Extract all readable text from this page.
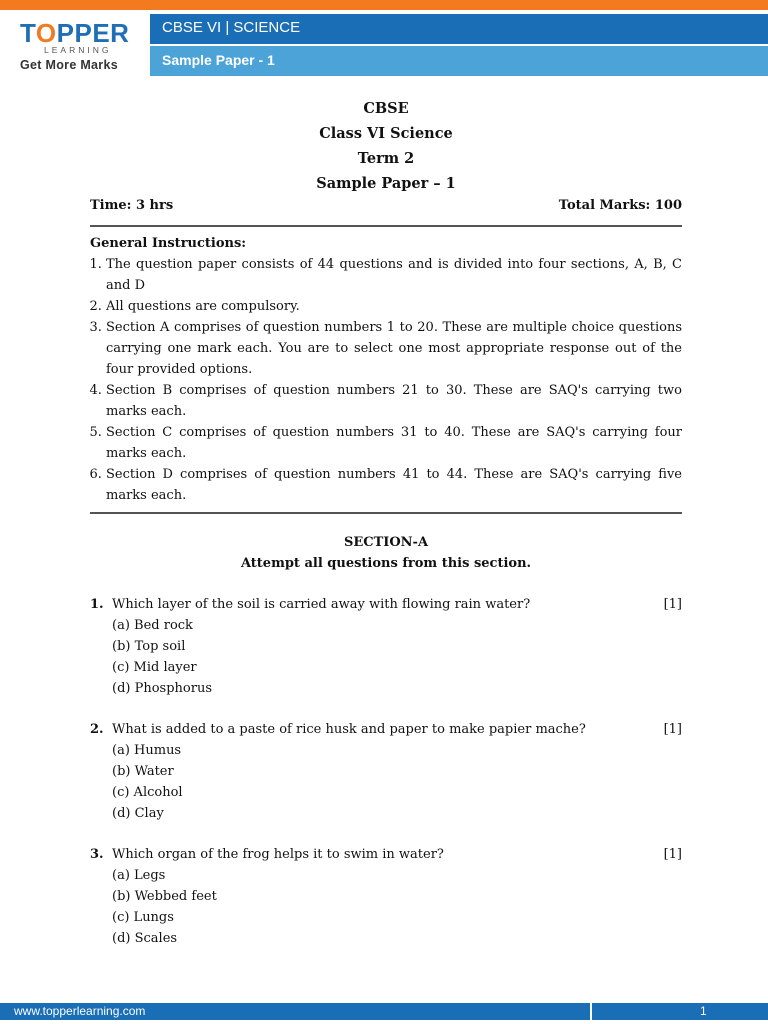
TOPPER
LEARNING
Get More Marks
CBSE VI | SCIENCE
Sample Paper - 1
CBSE
Class VI Science
Term 2
Sample Paper – 1
Time: 3 hrs	Total Marks: 100
General Instructions:
1. The question paper consists of 44 questions and is divided into four sections, A, B, C and D
2. All questions are compulsory.
3. Section A comprises of question numbers 1 to 20. These are multiple choice questions carrying one mark each. You are to select one most appropriate response out of the four provided options.
4. Section B comprises of question numbers 21 to 30. These are SAQ's carrying two marks each.
5. Section C comprises of question numbers 31 to 40. These are SAQ's carrying four marks each.
6. Section D comprises of question numbers 41 to 44. These are SAQ's carrying five marks each.
SECTION-A
Attempt all questions from this section.
1. Which layer of the soil is carried away with flowing rain water?	[1]
(a) Bed rock
(b) Top soil
(c) Mid layer
(d) Phosphorus
2. What is added to a paste of rice husk and paper to make papier mache?	[1]
(a) Humus
(b) Water
(c) Alcohol
(d) Clay
3. Which organ of the frog helps it to swim in water?	[1]
(a) Legs
(b) Webbed feet
(c) Lungs
(d) Scales
www.topperlearning.com	1
